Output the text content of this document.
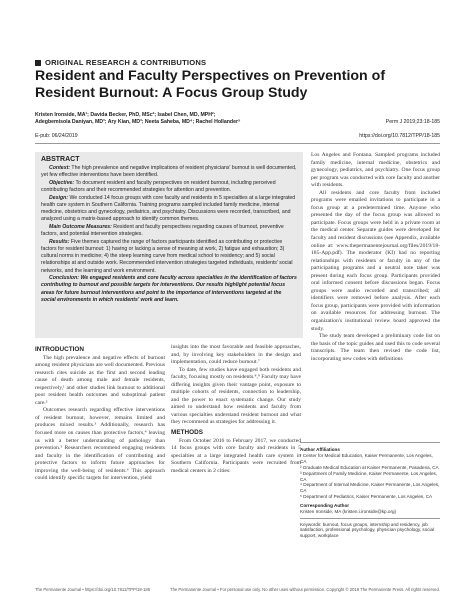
ORIGINAL RESEARCH & CONTRIBUTIONS
Resident and Faculty Perspectives on Prevention of Resident Burnout: A Focus Group Study
Kristen Ironside, MA¹; Davida Becker, PhD, MSc²; Isabel Chen, MD, MPH²;
Adegbemisola Daniyan, MD³; Ary Kian, MD³; Neeta Saheba, MD⁴; Rachel Hollander⁵	Perm J 2019;23:18-185
E-pub: 06/24/2019	https://doi.org/10.7812/TPP/18-185
ABSTRACT
Context: The high prevalence and negative implications of resident physicians' burnout is well documented, yet few effective interventions have been identified.
Objective: To document resident and faculty perspectives on resident burnout, including perceived contributing factors and their recommended strategies for attention and prevention.
Design: We conducted 14 focus groups with core faculty and residents in 5 specialties at a large integrated health care system in Southern California. Training programs sampled included family medicine, internal medicine, obstetrics and gynecology, pediatrics, and psychiatry. Discussions were recorded, transcribed, and analyzed using a matrix-based approach to identify common themes.
Main Outcome Measures: Resident and faculty perspectives regarding causes of burnout, preventive factors, and potential intervention strategies.
Results: Five themes captured the range of factors participants identified as contributing or protective factors for resident burnout: 1) having or lacking a sense of meaning at work, 2) fatigue and exhaustion; 3) cultural norms in medicine; 4) the steep learning curve from medical school to residency; and 5) social relationships at and outside work. Recommended intervention strategies targeted individuals, residents' social networks, and the learning and work environment.
Conclusion: We engaged residents and core faculty across specialties in the identification of factors contributing to burnout and possible targets for interventions. Our results highlight potential focus areas for future burnout interventions and point to the importance of interventions targeted at the social environments in which residents' work and learn.
INTRODUCTION

The high prevalence and negative effects of burnout among resident physicians are well documented. Previous research cites suicide as the first and second leading cause of death among male and female residents, respectively,¹ and other studies link burnout to additional poor resident health outcomes and suboptimal patient care.²

Outcomes research regarding effective interventions of resident burnout, however, remains limited and produces mixed results.³ Additionally, research has focused more on causes than protective factors,⁴ leaving us with a better understanding of pathology than prevention.⁵ Researchers recommend engaging residents and faculty in the identification of contributing and protective factors to inform future approaches for improving the well-being of residents.⁶ This approach could identify specific targets for intervention, yield

insights into the most favorable and feasible approaches, and, by involving key stakeholders in the design and implementation, could reduce burnout.⁷

To date, few studies have engaged both residents and faculty, focusing mostly on residents.⁸,⁹ Faculty may have differing insights given their vantage point, exposure to multiple cohorts of residents, connection to leadership, and the power to enact systematic change. Our study aimed to understand how residents and faculty from various specialties understand resident burnout and what they recommend as strategies for addressing it.

METHODS

From October 2016 to February 2017, we conducted 14 focus groups with core faculty and residents in 5 specialties at a large integrated health care system in Southern California. Participants were recruited from medical centers in 2 cities:

Los Angeles and Fontana. Sampled programs included family medicine, internal medicine, obstetrics and gynecology, pediatrics, and psychiatry. One focus group per program was conducted with core faculty and another with residents.

All residents and core faculty from included programs were emailed invitations to participate in a focus group at a predetermined time. Anyone who presented the day of the focus group was allowed to participate. Focus groups were held in a private room at the medical center. Separate guides were developed for faculty and resident discussions (see Appendix, available online at: www.thepermanentejournal.org/files/2019/18-185-App.pdf). The moderator (KI) had no reporting relationships with residents or faculty in any of the participating programs and a neutral note taker was present during each focus group. Participants provided oral informed consent before discussions began. Focus groups were audio recorded and transcribed; all identifiers were removed before analysis. After each focus group, participants were provided with information on available resources for addressing burnout. The organization's institutional review board approved the study.

The study team developed a preliminary code list on the basis of the topic guides and used this to code several transcripts. The team then revised the code list, incorporating new codes with definitions

Author Affiliations
¹ Center for Medical Education, Kaiser Permanente, Los Angeles, CA
² Graduate Medical Education at Kaiser Permanente, Pasadena, CA
³ Department of Family Medicine, Kaiser Permanente, Los Angeles, CA
⁴ Department of Internal Medicine, Kaiser Permanente, Los Angeles, CA
⁵ Department of Pediatrics, Kaiser Permanente, Los Angeles, CA
Corresponding Author
Kristen Ironside, MA (kristen.i.ironside@kp.org)
Keywords: burnout, focus groups, internship and residency, job satisfaction, professional psychology, physician psychology, social support, workplace
The Permanente Journal • https://doi.org/10.7812/TPP/18-185	The Permanente Journal • For personal use only. No other uses without permission. Copyright © 2019 The Permanente Press. All rights reserved.
